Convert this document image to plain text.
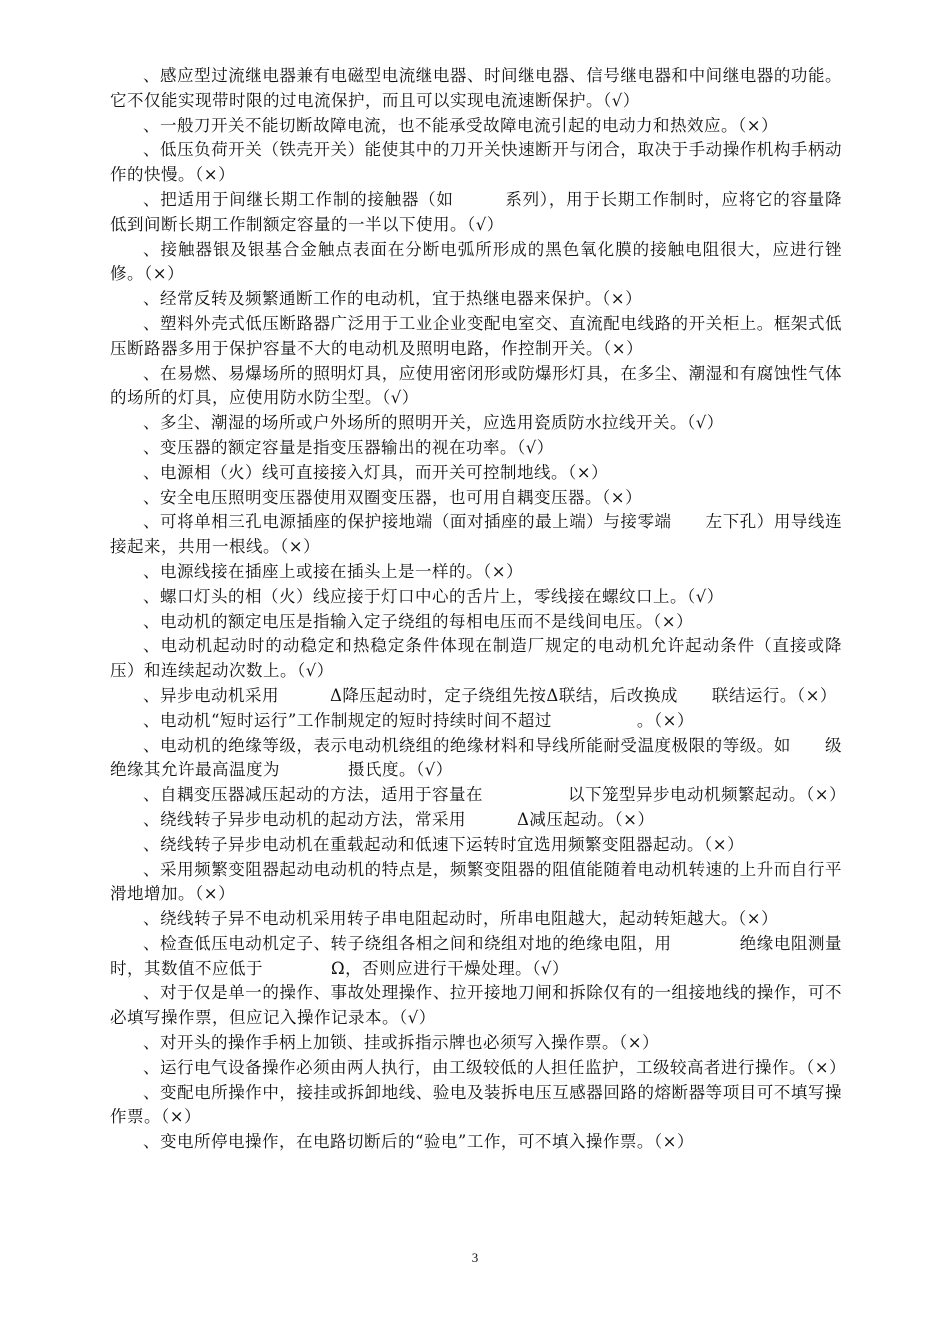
、感应型过流继电器兼有电磁型电流继电器、时间继电器、信号继电器和中间继电器的功能。它不仅能实现带时限的过电流保护，而且可以实现电流速断保护。（√）

、一般刀开关不能切断故障电流，也不能承受故障电流引起的电动力和热效应。（×）

、低压负荷开关（铁壳开关）能使其中的刀开关快速断开与闭合，取决于手动操作机构手柄动作的快慢。（×）

、把适用于间继长期工作制的接触器（如　　　系列），用于长期工作制时，应将它的容量降低到间断长期工作制额定容量的一半以下使用。（√）

、接触器银及银基合金触点表面在分断电弧所形成的黑色氧化膜的接触电阻很大，应进行锉修。（×）

、经常反转及频繁通断工作的电动机，宜于热继电器来保护。（×）

、塑料外壳式低压断路器广泛用于工业企业变配电室交、直流配电线路的开关柜上。框架式低压断路器多用于保护容量不大的电动机及照明电路，作控制开关。（×）

、在易燃、易爆场所的照明灯具，应使用密闭形或防爆形灯具，在多尘、潮湿和有腐蚀性气体的场所的灯具，应使用防水防尘型。（√）

、多尘、潮湿的场所或户外场所的照明开关，应选用瓷质防水拉线开关。（√）

、变压器的额定容量是指变压器输出的视在功率。（√）

、电源相（火）线可直接接入灯具，而开关可控制地线。（×）

、安全电压照明变压器使用双圈变压器，也可用自耦变压器。（×）

、可将单相三孔电源插座的保护接地端（面对插座的最上端）与接零端　　左下孔）用导线连接起来，共用一根线。（×）

、电源线接在插座上或接在插头上是一样的。（×）

、螺口灯头的相（火）线应接于灯口中心的舌片上，零线接在螺纹口上。（√）

、电动机的额定电压是指输入定子绕组的每相电压而不是线间电压。（×）

、电动机起动时的动稳定和热稳定条件体现在制造厂规定的电动机允许起动条件（直接或降压）和连续起动次数上。（√）

、异步电动机采用　　　Δ降压起动时，定子绕组先按Δ联结，后改换成　　联结运行。（×）

、电动机“短时运行”工作制规定的短时持续时间不超过　　　　　。（×）

、电动机的绝缘等级，表示电动机绕组的绝缘材料和导线所能耐受温度极限的等级。如　　级绝缘其允许最高温度为　　　　摄氏度。（√）

、自耦变压器减压起动的方法，适用于容量在　　　　　以下笼型异步电动机频繁起动。（×）

、绕线转子异步电动机的起动方法，常采用　　　Δ减压起动。（×）

、绕线转子异步电动机在重载起动和低速下运转时宜选用频繁变阻器起动。（×）

、采用频繁变阻器起动电动机的特点是，频繁变阻器的阻值能随着电动机转速的上升而自行平滑地增加。（×）

、绕线转子异不电动机采用转子串电阻起动时，所串电阻越大，起动转矩越大。（×）

、检查低压电动机定子、转子绕组各相之间和绕组对地的绝缘电阻，用　　　　绝缘电阻测量时，其数值不应低于　　　　Ω，否则应进行干燥处理。（√）

、对于仅是单一的操作、事故处理操作、拉开接地刀闸和拆除仅有的一组接地线的操作，可不必填写操作票，但应记入操作记录本。（√）

、对开头的操作手柄上加锁、挂或拆指示牌也必须写入操作票。（×）

、运行电气设备操作必须由两人执行，由工级较低的人担任监护，工级较高者进行操作。（×）

、变配电所操作中，接挂或拆卸地线、验电及装拆电压互感器回路的熔断器等项目可不填写操作票。（×）

、变电所停电操作，在电路切断后的“验电”工作，可不填入操作票。（×）

3
